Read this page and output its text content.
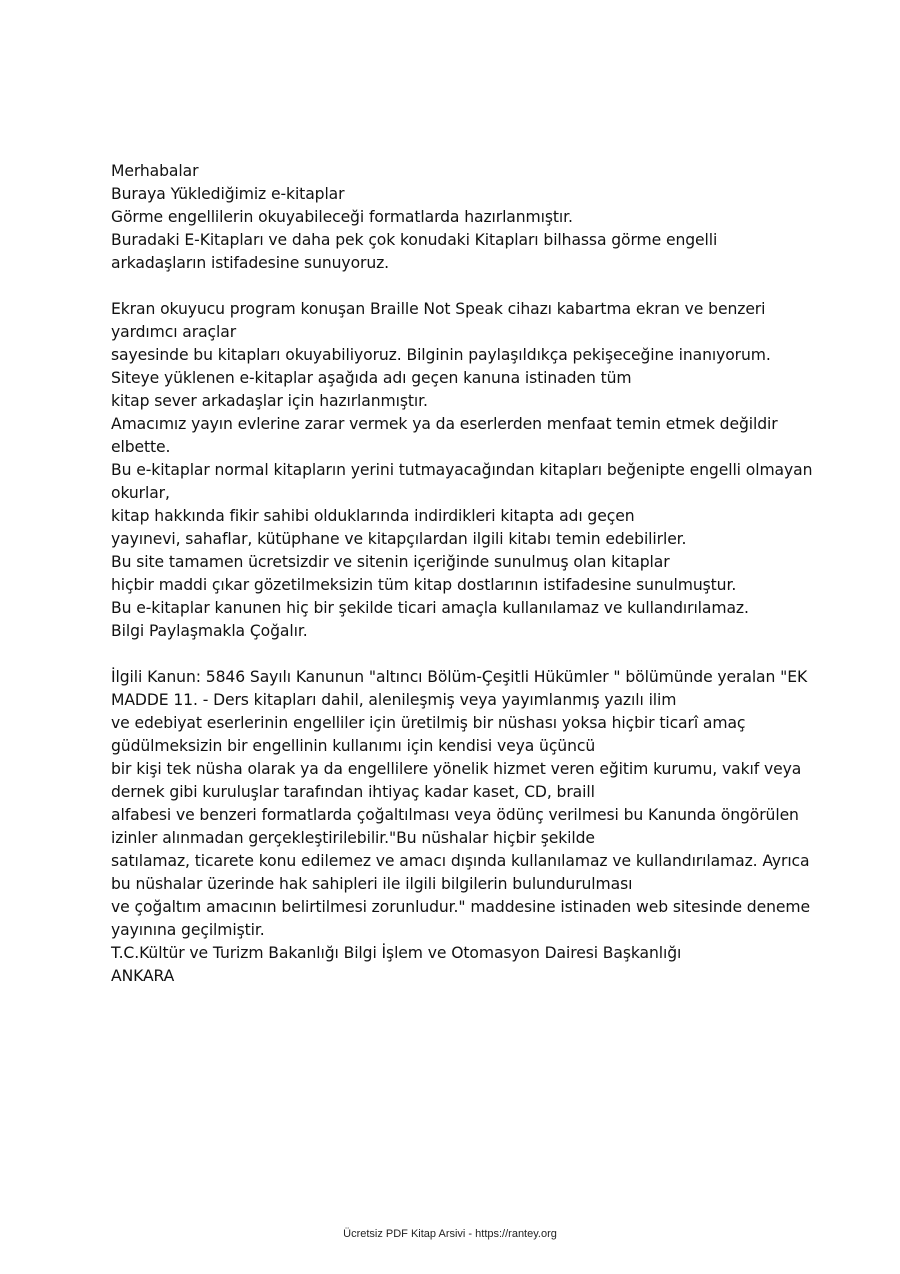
Merhabalar
Buraya Yüklediğimiz e-kitaplar
Görme engellilerin okuyabileceği formatlarda hazırlanmıştır.
Buradaki E-Kitapları ve daha pek çok konudaki Kitapları bilhassa görme engelli
arkadaşların istifadesine sunuyoruz.
Ekran okuyucu program konuşan Braille Not Speak cihazı kabartma ekran ve benzeri
yardımcı araçlar
sayesinde bu kitapları okuyabiliyoruz. Bilginin paylaşıldıkça pekişeceğine inanıyorum.
Siteye yüklenen e-kitaplar aşağıda adı geçen kanuna istinaden tüm
kitap sever arkadaşlar için hazırlanmıştır.
Amacımız yayın evlerine zarar vermek ya da eserlerden menfaat temin etmek değildir
elbette.
Bu e-kitaplar normal kitapların yerini tutmayacağından kitapları beğenipte engelli olmayan
okurlar,
kitap hakkında fikir sahibi olduklarında indirdikleri kitapta adı geçen
yayınevi, sahaflar, kütüphane ve kitapçılardan ilgili kitabı temin edebilirler.
Bu site tamamen ücretsizdir ve sitenin içeriğinde sunulmuş olan kitaplar
hiçbir maddi çıkar gözetilmeksizin tüm kitap dostlarının istifadesine sunulmuştur.
Bu e-kitaplar kanunen hiç bir şekilde ticari amaçla kullanılamaz ve kullandırılamaz.
Bilgi Paylaşmakla Çoğalır.
İlgili Kanun: 5846 Sayılı Kanunun "altıncı Bölüm-Çeşitli Hükümler " bölümünde yeralan "EK
MADDE 11. - Ders kitapları dahil, alenileşmiş veya yayımlanmış yazılı ilim
ve edebiyat eserlerinin engelliler için üretilmiş bir nüshası yoksa hiçbir ticarî amaç
güdülmeksizin bir engellinin kullanımı için kendisi veya üçüncü
bir kişi tek nüsha olarak ya da engellilere yönelik hizmet veren eğitim kurumu, vakıf veya
dernek gibi kuruluşlar tarafından ihtiyaç kadar kaset, CD, braill
alfabesi ve benzeri formatlarda çoğaltılması veya ödünç verilmesi bu Kanunda öngörülen
izinler alınmadan gerçekleştirilebilir."Bu nüshalar hiçbir şekilde
satılamaz, ticarete konu edilemez ve amacı dışında kullanılamaz ve kullandırılamaz. Ayrıca
bu nüshalar üzerinde hak sahipleri ile ilgili bilgilerin bulundurulması
ve çoğaltım amacının belirtilmesi zorunludur." maddesine istinaden web sitesinde deneme
yayınına geçilmiştir.
T.C.Kültür ve Turizm Bakanlığı Bilgi İşlem ve Otomasyon Dairesi Başkanlığı
ANKARA
Ücretsiz PDF Kitap Arsivi - https://rantey.org
